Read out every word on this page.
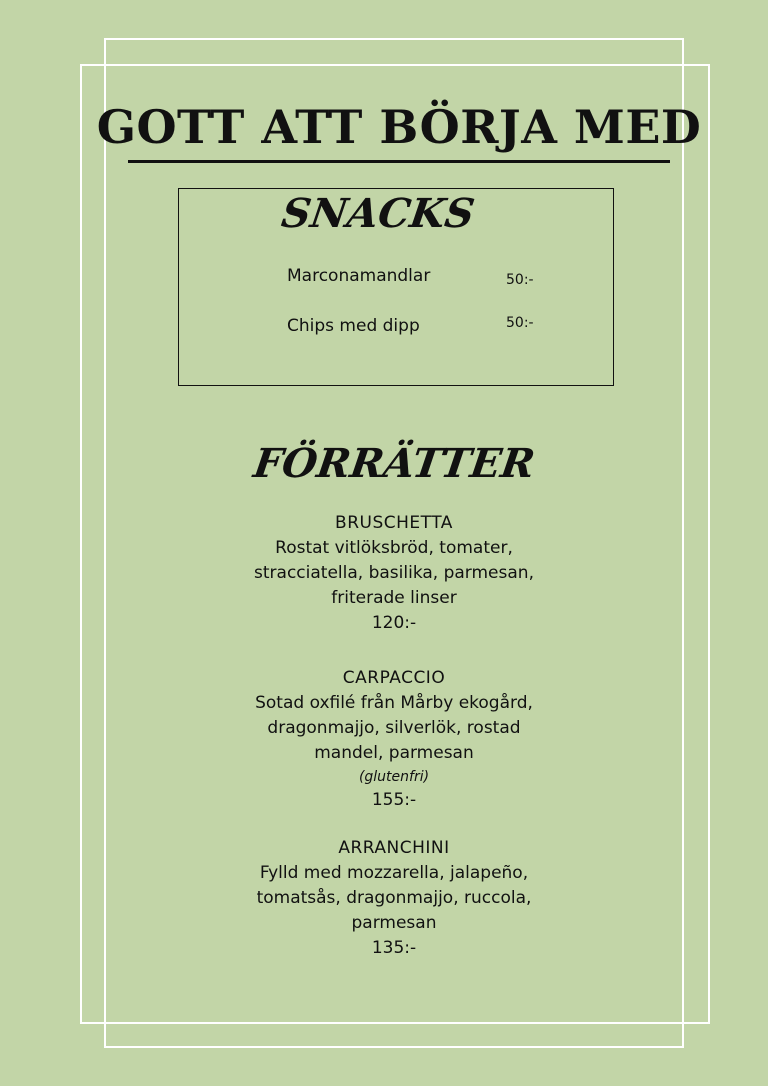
GOTT ATT BÖRJA MED
SNACKS
Marconamandlar	50:-
Chips med dipp	50:-
FÖRRÄTTER
BRUSCHETTA
Rostat vitlöksbröd, tomater,
stracciatella, basilika, parmesan,
friterade linser
120:-
CARPACCIO
Sotad oxfilé från Mårby ekogård,
dragonmajjo, silverlök, rostad
mandel, parmesan
(glutenfri)
155:-
ARRANCHINI
Fylld med mozzarella, jalapeño,
tomatsås, dragonmajjo, ruccola,
parmesan
135:-
